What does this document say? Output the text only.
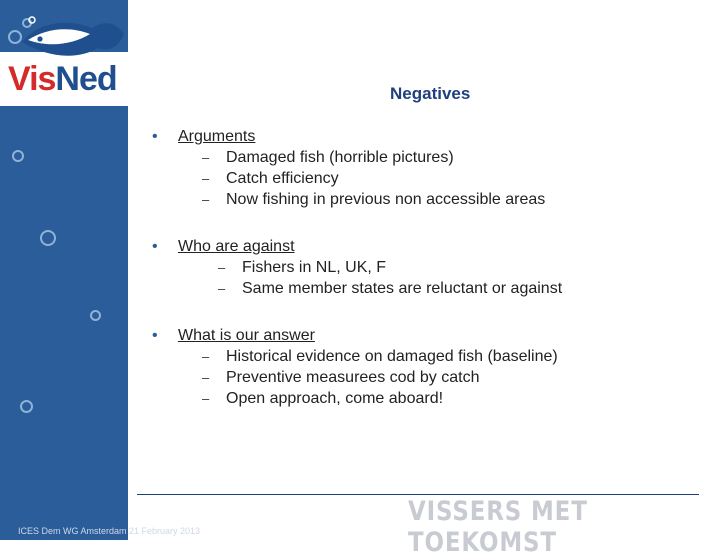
VisNed	Negatives
• Arguments
– Damaged fish (horrible pictures)
– Catch efficiency
– Now fishing in previous non accessible areas
• Who are against
– Fishers in NL, UK, F
– Same member states are reluctant or against
• What is our answer
– Historical evidence on damaged fish (baseline)
– Preventive measurees cod by catch
– Open approach, come aboard!
VISSERS MET TOEKOMST
ICES Dem WG Amsterdam 21 February 2013
